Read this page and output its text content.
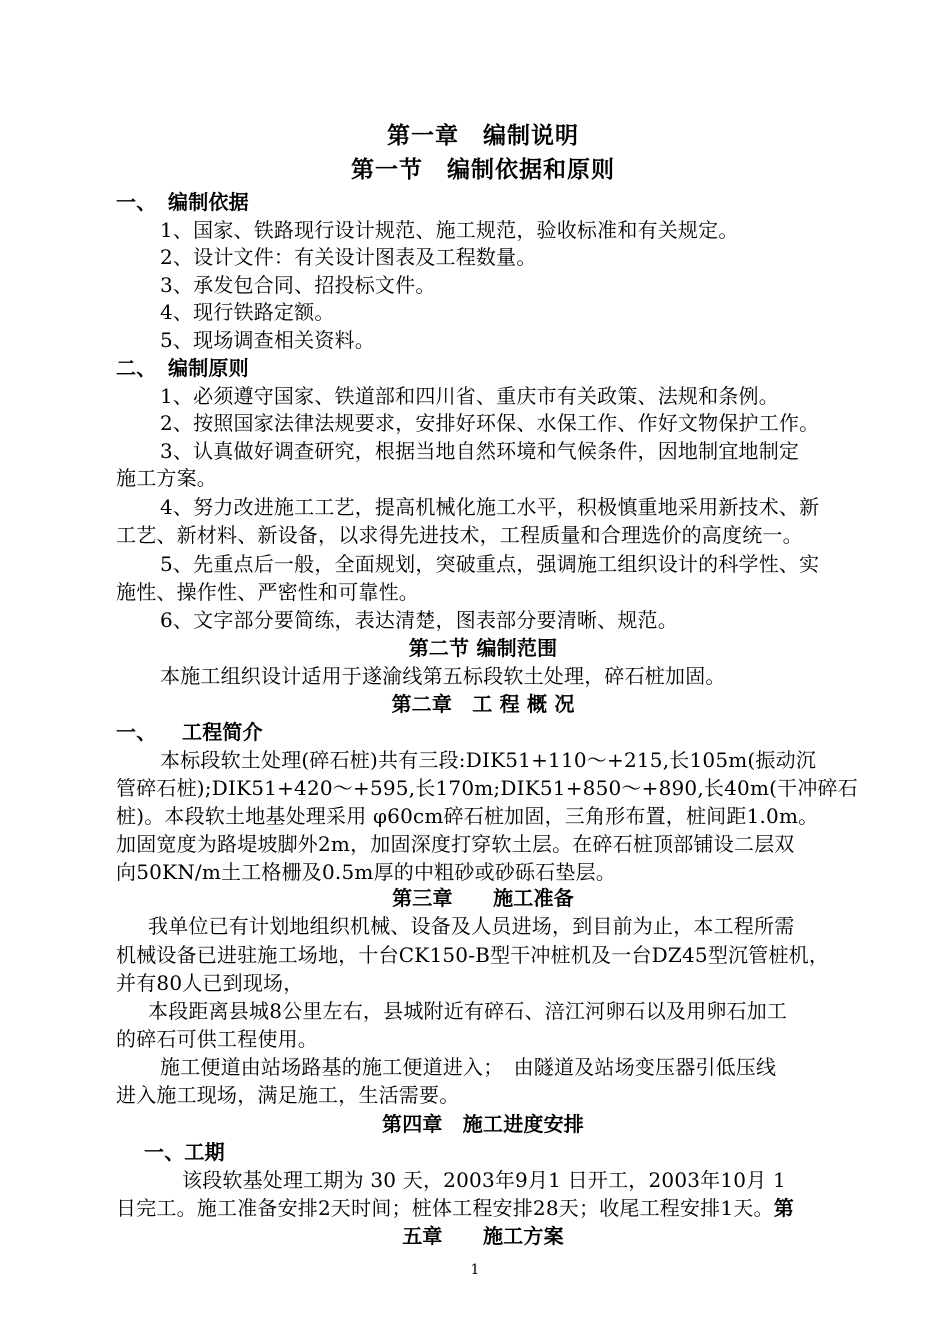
第一章　编制说明
第一节　编制依据和原则
一、 编制依据
1、国家、铁路现行设计规范、施工规范，验收标准和有关规定。
2、设计文件：有关设计图表及工程数量。
3、承发包合同、招投标文件。
4、现行铁路定额。
5、现场调查相关资料。
二、 编制原则
1、必须遵守国家、铁道部和四川省、重庆市有关政策、法规和条例。
2、按照国家法律法规要求，安排好环保、水保工作、作好文物保护工作。
3、认真做好调查研究，根据当地自然环境和气候条件，因地制宜地制定
施工方案。
4、努力改进施工工艺，提高机械化施工水平，积极慎重地采用新技术、新
工艺、新材料、新设备，以求得先进技术，工程质量和合理选价的高度统一。
5、先重点后一般，全面规划，突破重点，强调施工组织设计的科学性、实
施性、操作性、严密性和可靠性。
6、文字部分要简练，表达清楚，图表部分要清晰、规范。
第二节 编制范围
本施工组织设计适用于遂渝线第五标段软土处理，碎石桩加固。
第二章　工 程 概 况
一、 工程简介
本标段软土处理(碎石桩)共有三段:DIK51+110～+215,长105m(振动沉
管碎石桩);DIK51+420～+595,长170m;DIK51+850～+890,长40m(干冲碎石
桩)。本段软土地基处理采用 φ60cm碎石桩加固，三角形布置，桩间距1.0m。
加固宽度为路堤坡脚外2m，加固深度打穿软土层。在碎石桩顶部铺设二层双
向50KN/m土工格栅及0.5m厚的中粗砂或砂砾石垫层。
第三章　　施工准备
我单位已有计划地组织机械、设备及人员进场，到目前为止，本工程所需
机械设备已进驻施工场地，十台CK150-B型干冲桩机及一台DZ45型沉管桩机，
并有80人已到现场，
本段距离县城8公里左右，县城附近有碎石、涪江河卵石以及用卵石加工
的碎石可供工程使用。
施工便道由站场路基的施工便道进入；　由隧道及站场变压器引低压线
进入施工现场，满足施工，生活需要。
第四章　施工进度安排
一、工期
该段软基处理工期为 30 天，2003年9月1 日开工，2003年10月 1
日完工。施工准备安排2天时间；桩体工程安排28天；收尾工程安排1天。第
五章　　施工方案
1
